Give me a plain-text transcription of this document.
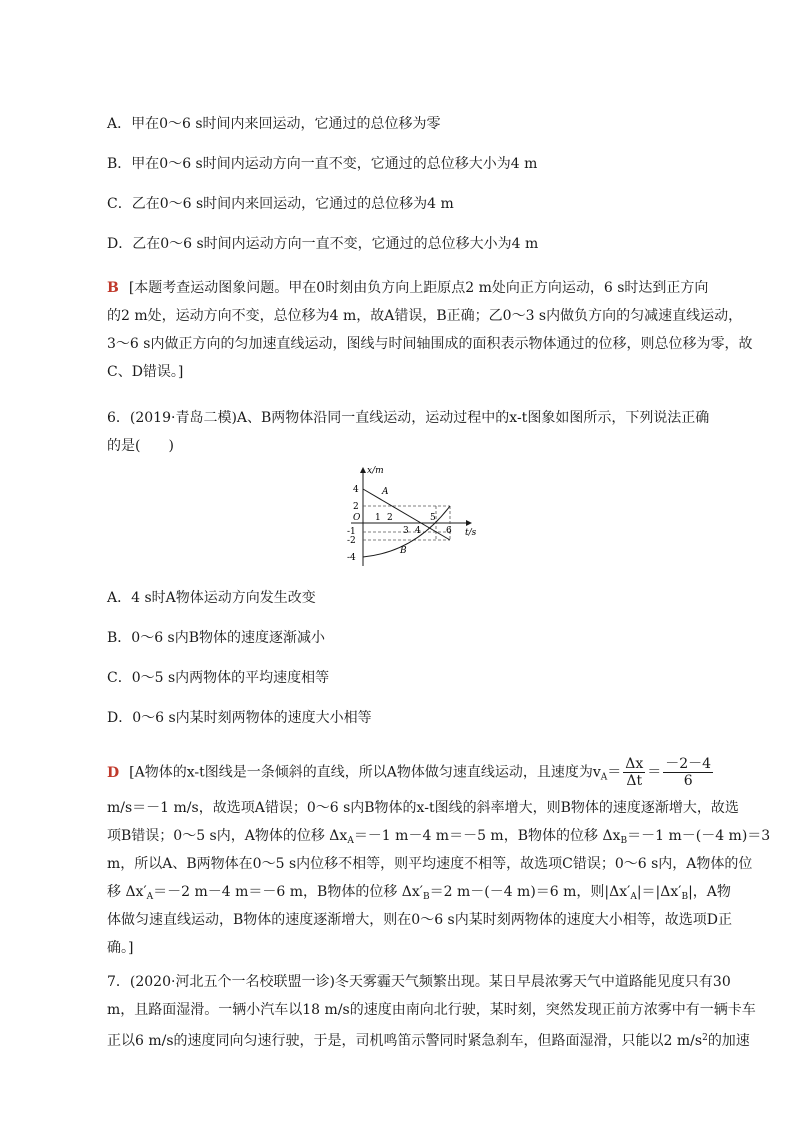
A．甲在0～6 s时间内来回运动，它通过的总位移为零
B．甲在0～6 s时间内运动方向一直不变，它通过的总位移大小为4 m
C．乙在0～6 s时间内来回运动，它通过的总位移为4 m
D．乙在0～6 s时间内运动方向一直不变，它通过的总位移大小为4 m
B [本题考查运动图象问题。甲在0时刻由负方向上距原点2 m处向正方向运动，6 s时达到正方向
的2 m处，运动方向不变，总位移为4 m，故A错误，B正确；乙0～3 s内做负方向的匀减速直线运动，
3～6 s内做正方向的匀加速直线运动，图线与时间轴围成的面积表示物体通过的位移，则总位移为零，故
C、D错误。]
6．(2019·青岛二模)A、B两物体沿同一直线运动，运动过程中的x-t图象如图所示，下列说法正确
的是(　　)
x/m
t/s
O
4
2
-1
-2
-4
1 2
3 4
5
6
A
B
A．4 s时A物体运动方向发生改变
B．0～6 s内B物体的速度逐渐减小
C．0～5 s内两物体的平均速度相等
D．0～6 s内某时刻两物体的速度大小相等
D [A物体的x-t图线是一条倾斜的直线，所以A物体做匀速直线运动，且速度为$v_A= \frac{\Delta x}{\Delta t} = \frac{-2-4}{6}$
m/s＝－1 m/s，故选项A错误；0～6 s内B物体的x-t图线的斜率增大，则B物体的速度逐渐增大，故选
项B错误；0～5 s内，A物体的位移 $\Delta x_A=-1$ m－4 m＝－5 m，B物体的位移 $\Delta x_B=-1$ m－(－4 m)＝3
m，所以A、B两物体在0～5 s内位移不相等，则平均速度不相等，故选项C错误；0～6 s内，A物体的位
移 $\Delta x'_A=-2$ m－4 m＝－6 m，B物体的位移 $\Delta x'_B=2$ m－(－4 m)＝6 m，则$|\Delta x'_A|=|\Delta x'_B|$，A物
体做匀速直线运动，B物体的速度逐渐增大，则在0～6 s内某时刻两物体的速度大小相等，故选项D正
确。]
7．(2020·河北五个一名校联盟一诊)冬天雾霾天气频繁出现。某日早晨浓雾天气中道路能见度只有30
m，且路面湿滑。一辆小汽车以18 m/s的速度由南向北行驶，某时刻，突然发现正前方浓雾中有一辆卡车
正以6 m/s的速度同向匀速行驶，于是，司机鸣笛示警同时紧急刹车，但路面湿滑，只能以2 $m/s^2$的加速
